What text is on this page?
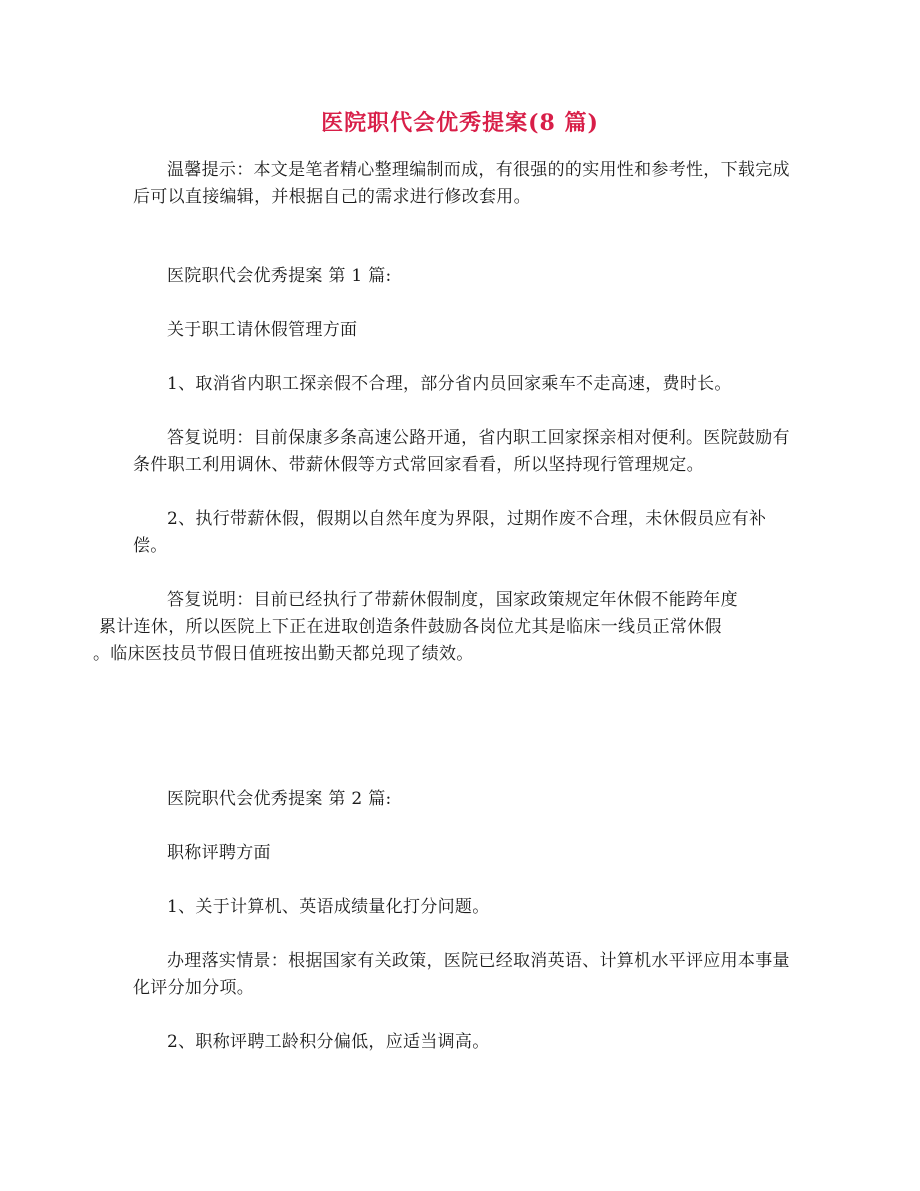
医院职代会优秀提案(8 篇)

温馨提示：本文是笔者精心整理编制而成，有很强的的实用性和参考性，下载完成后可以直接编辑，并根据自己的需求进行修改套用。

医院职代会优秀提案 第 1 篇:

关于职工请休假管理方面

1、取消省内职工探亲假不合理，部分省内员回家乘车不走高速，费时长。

答复说明：目前保康多条高速公路开通，省内职工回家探亲相对便利。医院鼓励有条件职工利用调休、带薪休假等方式常回家看看，所以坚持现行管理规定。

2、执行带薪休假，假期以自然年度为界限，过期作废不合理，未休假员应有补偿。

答复说明：目前已经执行了带薪休假制度，国家政策规定年休假不能跨年度
累计连休，所以医院上下正在进取创造条件鼓励各岗位尤其是临床一线员正常休假
。临床医技员节假日值班按出勤天都兑现了绩效。

医院职代会优秀提案 第 2 篇:

职称评聘方面

1、关于计算机、英语成绩量化打分问题。

办理落实情景：根据国家有关政策，医院已经取消英语、计算机水平评应用本事量化评分加分项。

2、职称评聘工龄积分偏低，应适当调高。
